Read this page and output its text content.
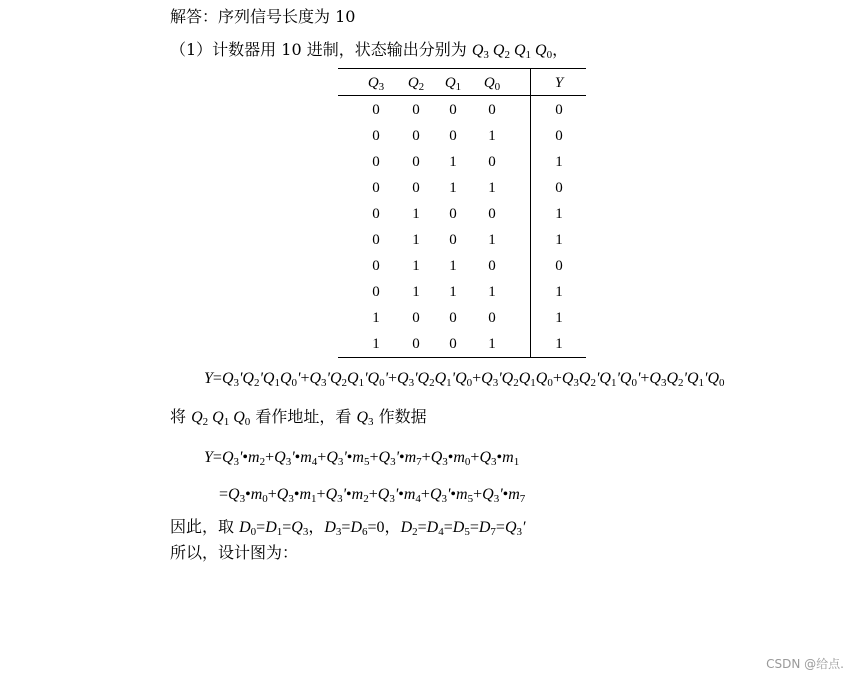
解答：序列信号长度为 10
（1）计数器用 10 进制，状态输出分别为 $Q_3$ $Q_2$ $Q_1$ $Q_0$，
$Q_3$	$Q_2$	$Q_1$	$Q_0$	Y
0	0	0	0	0
0	0	0	1	0
0	0	1	0	1
0	0	1	1	0
0	1	0	0	1
0	1	0	1	1
0	1	1	0	0
0	1	1	1	1
1	0	0	0	1
1	0	0	1	1
$Y=Q_3'Q_2'Q_1Q_0'+Q_3'Q_2Q_1'Q_0'+Q_3'Q_2Q_1'Q_0+Q_3'Q_2Q_1Q_0+Q_3Q_2'Q_1'Q_0'+Q_3Q_2'Q_1'Q_0$
将 $Q_2$ $Q_1$ $Q_0$ 看作地址，看 $Q_3$ 作数据
$Y=Q_3'•m_2+Q_3'•m_4+Q_3'•m_5+Q_3'•m_7+Q_3•m_0+Q_3•m_1$
$=Q_3•m_0+Q_3•m_1+Q_3'•m_2+Q_3'•m_4+Q_3'•m_5+Q_3'•m_7$
因此，取 $D_0=D_1=Q_3$，$D_3=D_6=0$，$D_2=D_4=D_5=D_7=Q_3'$
所以，设计图为：
CSDN @给点.
